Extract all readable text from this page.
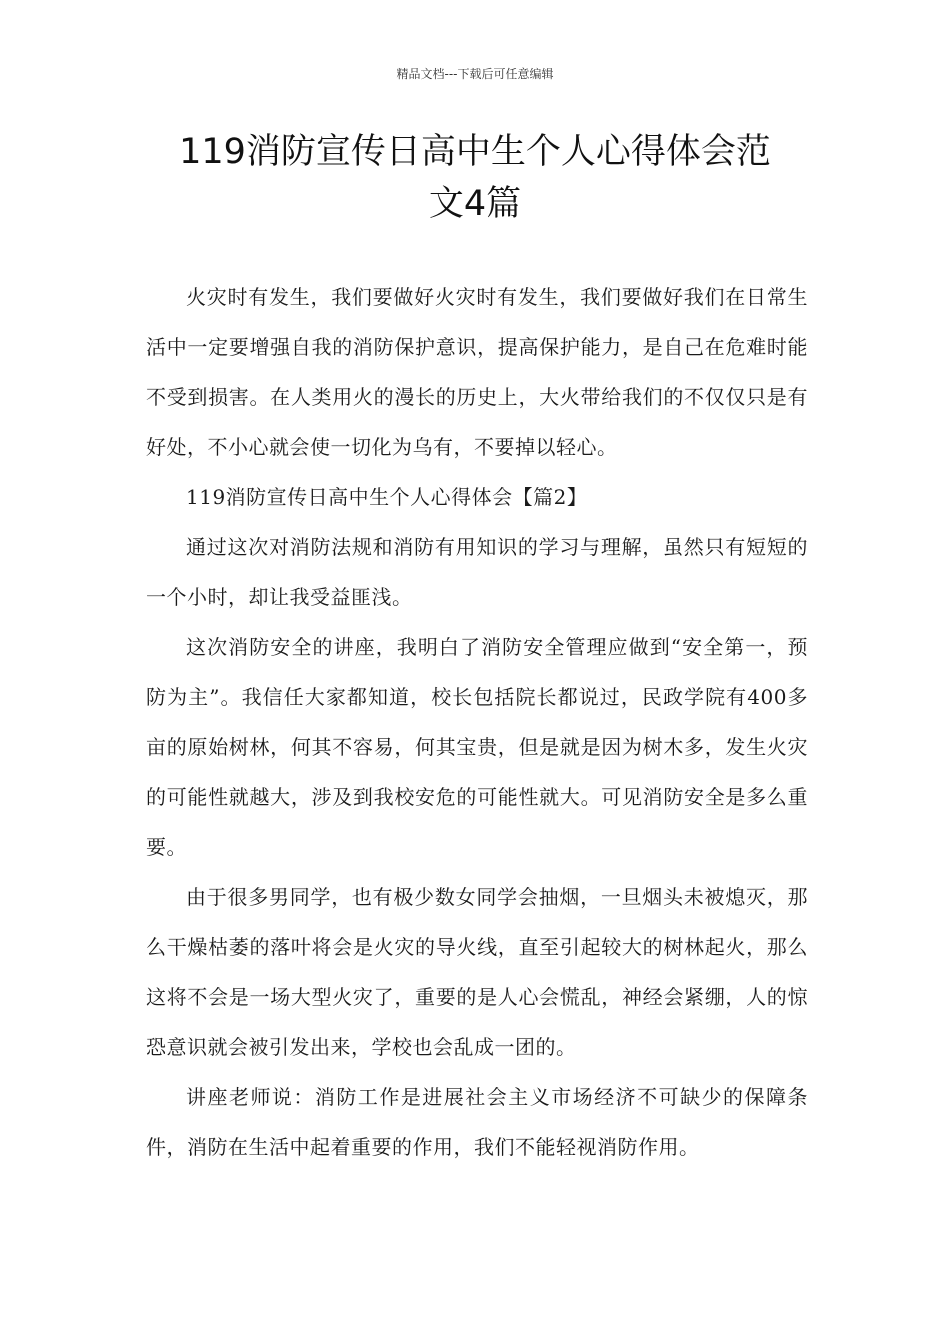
精品文档---下载后可任意编辑
119消防宣传日高中生个人心得体会范
文4篇

火灾时有发生，我们要做好火灾时有发生，我们要做好我们在日常生活中一定要增强自我的消防保护意识，提高保护能力，是自己在危难时能不受到损害。在人类用火的漫长的历史上，大火带给我们的不仅仅只是有好处，不小心就会使一切化为乌有，不要掉以轻心。

119消防宣传日高中生个人心得体会【篇2】

通过这次对消防法规和消防有用知识的学习与理解，虽然只有短短的一个小时，却让我受益匪浅。

这次消防安全的讲座，我明白了消防安全管理应做到“安全第一，预防为主”。我信任大家都知道，校长包括院长都说过，民政学院有400多亩的原始树林，何其不容易，何其宝贵，但是就是因为树木多，发生火灾的可能性就越大，涉及到我校安危的可能性就大。可见消防安全是多么重要。

由于很多男同学，也有极少数女同学会抽烟，一旦烟头未被熄灭，那么干燥枯萎的落叶将会是火灾的导火线，直至引起较大的树林起火，那么这将不会是一场大型火灾了，重要的是人心会慌乱，神经会紧绷，人的惊恐意识就会被引发出来，学校也会乱成一团的。

讲座老师说：消防工作是进展社会主义市场经济不可缺少的保障条件，消防在生活中起着重要的作用，我们不能轻视消防作用。
